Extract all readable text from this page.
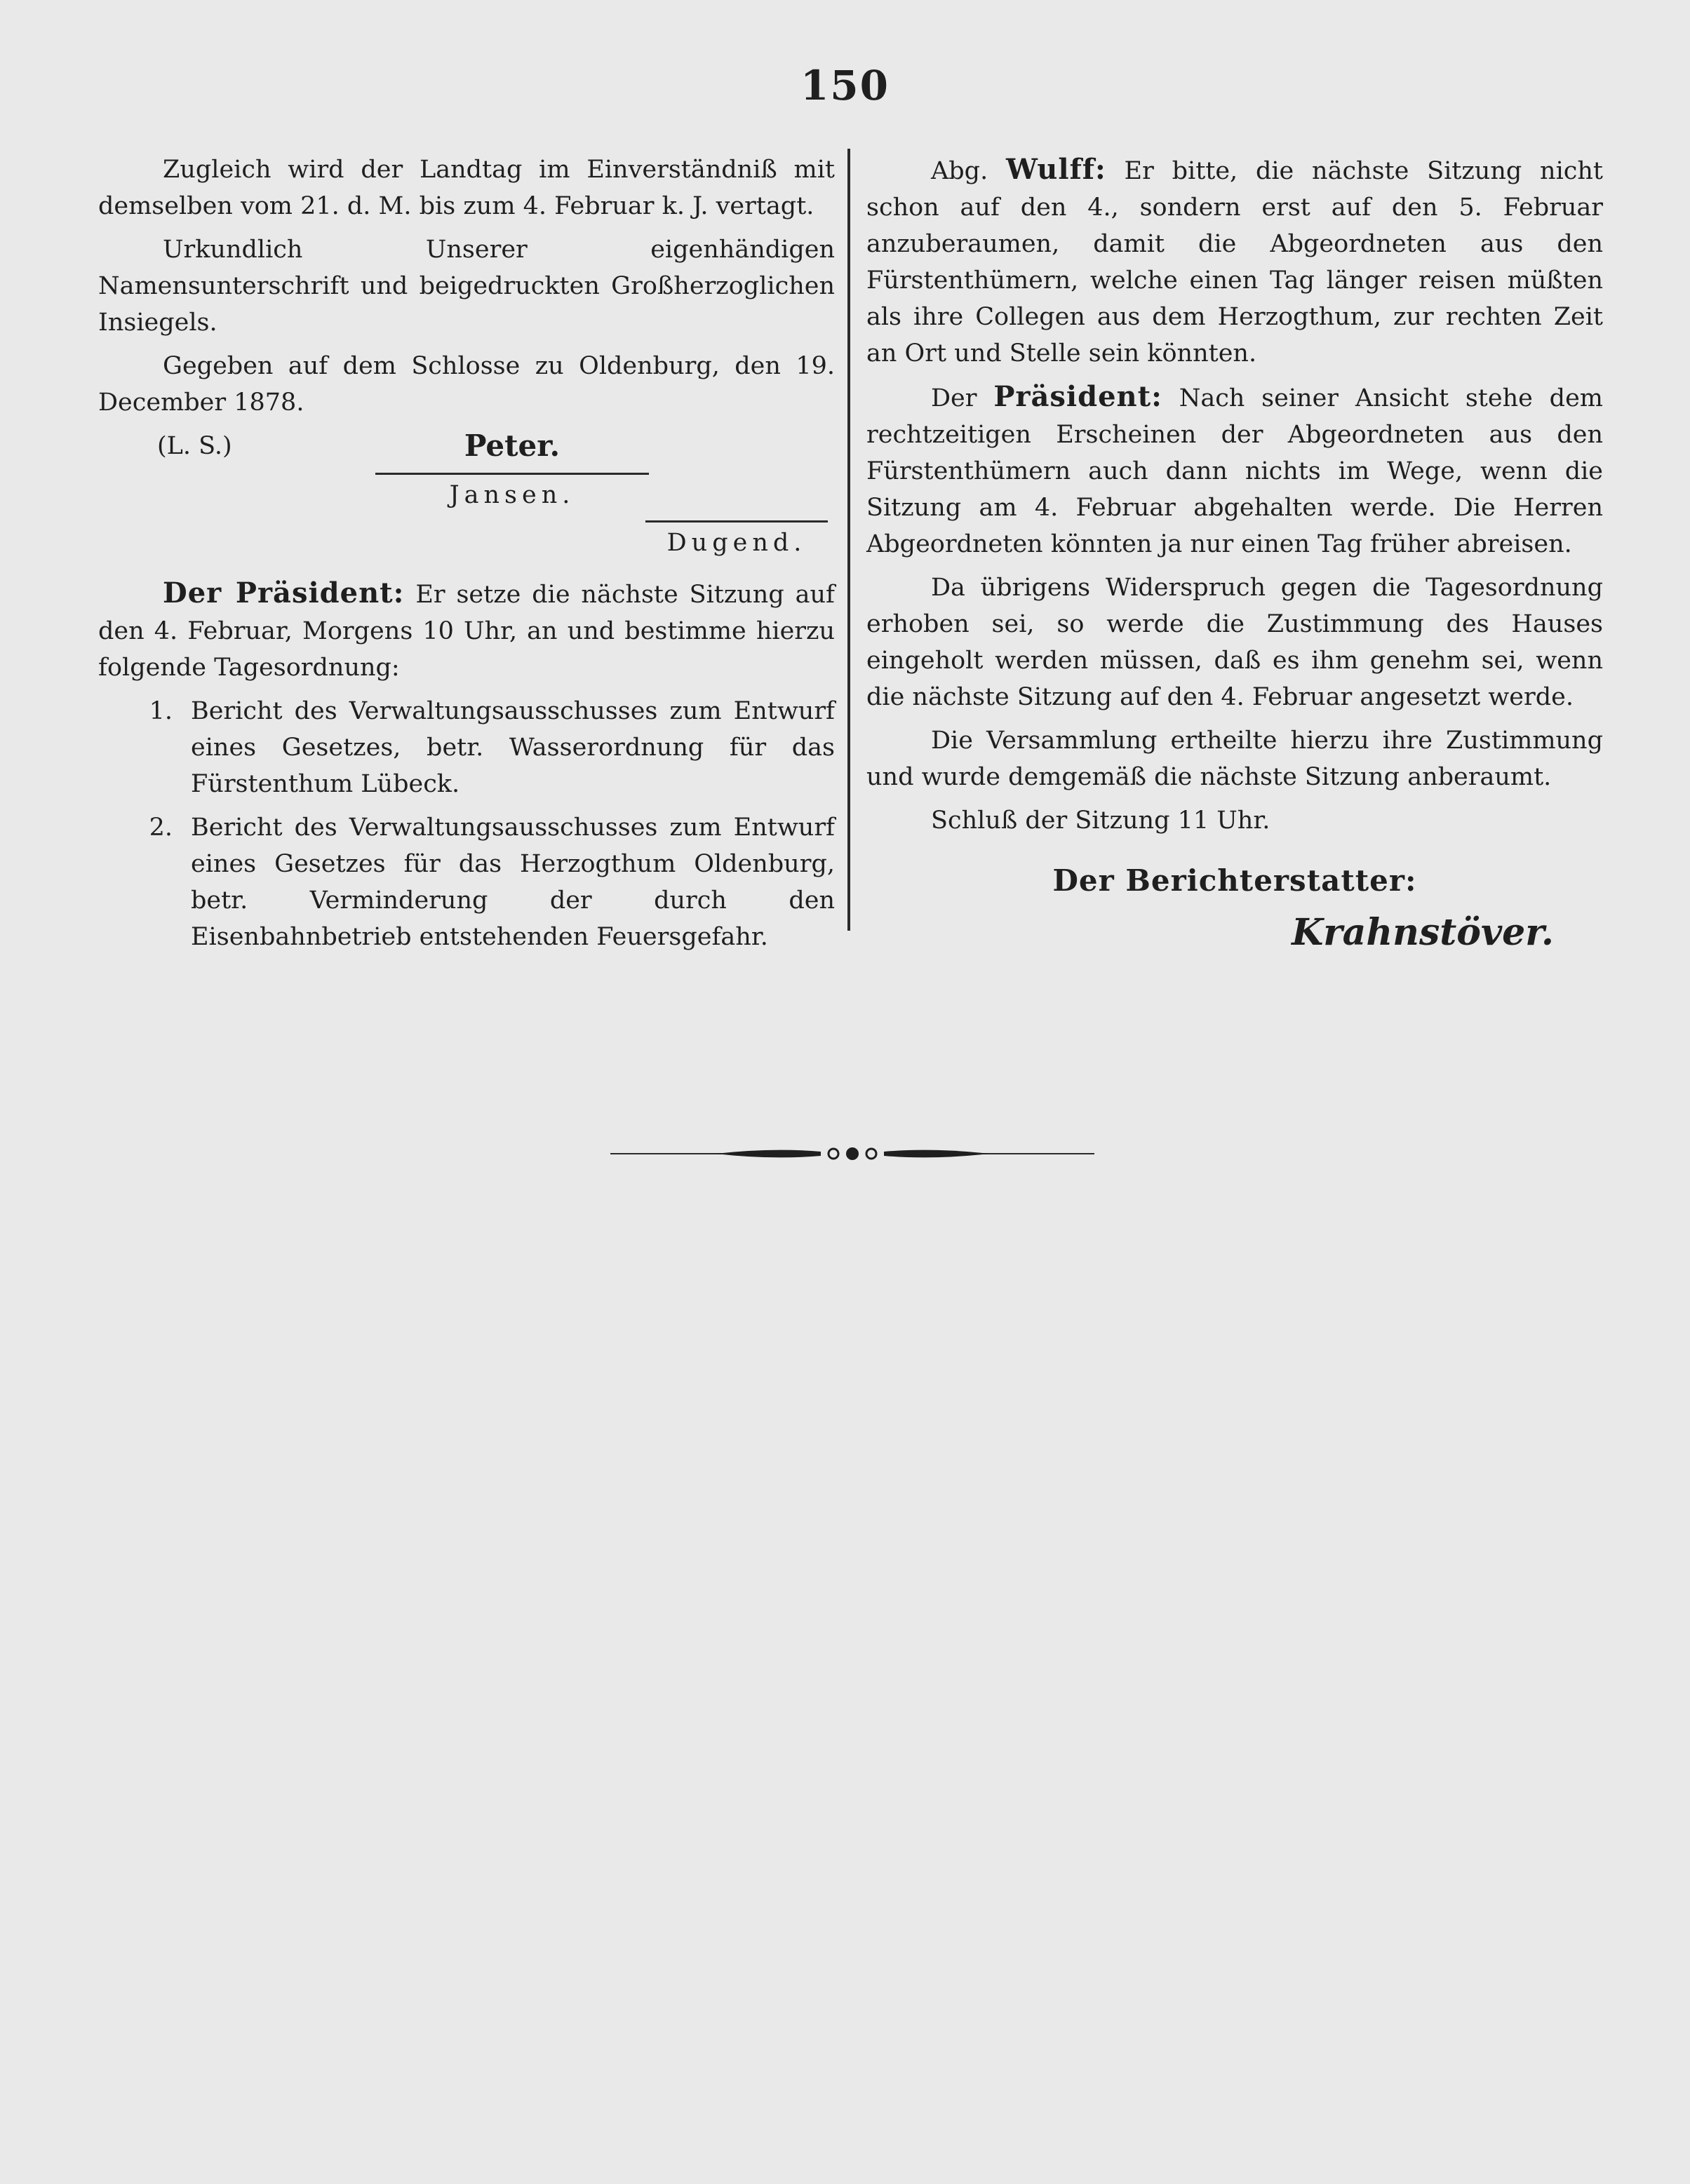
150

Zugleich wird der Landtag im Einverständniß mit demselben vom 21. d. M. bis zum 4. Februar k. J. vertagt.

Urkundlich Unserer eigenhändigen Namensunterschrift und beigedruckten Großherzoglichen Insiegels.

Gegeben auf dem Schlosse zu Oldenburg, den 19. December 1878.

(L. S.)	Peter.
Jansen.
Dugend.

Der Präsident: Er setze die nächste Sitzung auf den 4. Februar, Morgens 10 Uhr, an und bestimme hierzu folgende Tagesordnung:

1. Bericht des Verwaltungsausschusses zum Entwurf eines Gesetzes, betr. Wasserordnung für das Fürstenthum Lübeck.
2. Bericht des Verwaltungsausschusses zum Entwurf eines Gesetzes für das Herzogthum Oldenburg, betr. Verminderung der durch den Eisenbahnbetrieb entstehenden Feuersgefahr.

Abg. Wulff: Er bitte, die nächste Sitzung nicht schon auf den 4., sondern erst auf den 5. Februar anzuberaumen, damit die Abgeordneten aus den Fürstenthümern, welche einen Tag länger reisen müßten als ihre Collegen aus dem Herzogthum, zur rechten Zeit an Ort und Stelle sein könnten.

Der Präsident: Nach seiner Ansicht stehe dem rechtzeitigen Erscheinen der Abgeordneten aus den Fürstenthümern auch dann nichts im Wege, wenn die Sitzung am 4. Februar abgehalten werde. Die Herren Abgeordneten könnten ja nur einen Tag früher abreisen.

Da übrigens Widerspruch gegen die Tagesordnung erhoben sei, so werde die Zustimmung des Hauses eingeholt werden müssen, daß es ihm genehm sei, wenn die nächste Sitzung auf den 4. Februar angesetzt werde.

Die Versammlung ertheilte hierzu ihre Zustimmung und wurde demgemäß die nächste Sitzung anberaumt.

Schluß der Sitzung 11 Uhr.

Der Berichterstatter:
Krahnstöver.
